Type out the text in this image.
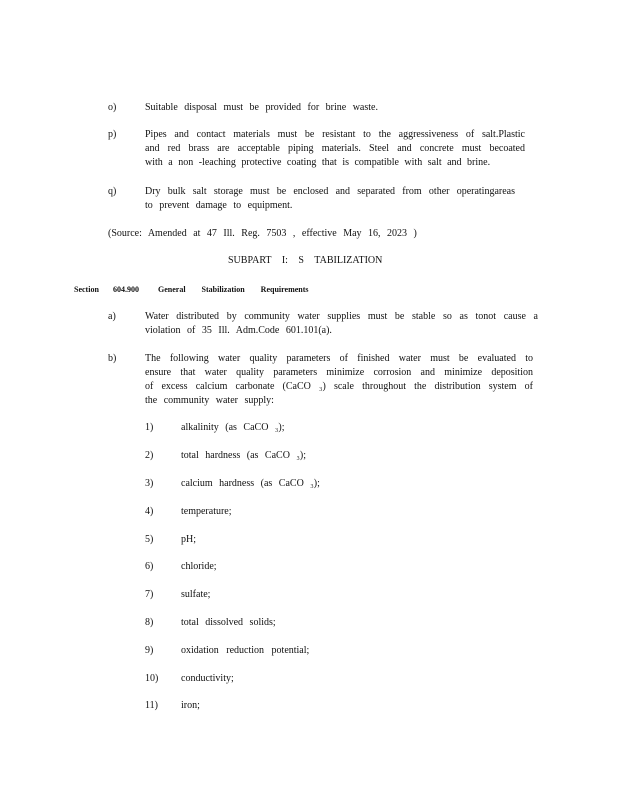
o)	Suitable disposal must be provided for brine waste.
p)	Pipes and contact materials must be resistant to the aggressiveness of salt.Plastic
and red brass are acceptable piping materials. Steel and concrete must becoated
with a non -leaching protective coating that is compatible with salt and brine.
q)	Dry bulk salt storage must be enclosed and separated from other operatingareas
to prevent damage to equipment.
(Source: Amended at 47 Ill. Reg. 7503 , effective May 16, 2023 )
SUBPART I: S TABILIZATION
Section 604.900 General Stabilization Requirements
a)	Water distributed by community water supplies must be stable so as tonot cause a
violation of 35 Ill. Adm.Code 601.101(a).
b)	The following water quality parameters of finished water must be evaluated to
ensure that water quality parameters minimize corrosion and minimize deposition
of excess calcium carbonate (CaCO ₃) scale throughout the distribution system of
the community water supply:
1)	alkalinity (as CaCO ₃);
2)	total hardness (as CaCO ₃);
3)	calcium hardness (as CaCO ₃);
4)	temperature;
5)	pH;
6)	chloride;
7)	sulfate;
8)	total dissolved solids;
9)	oxidation reduction potential;
10) conductivity;
11) iron;
